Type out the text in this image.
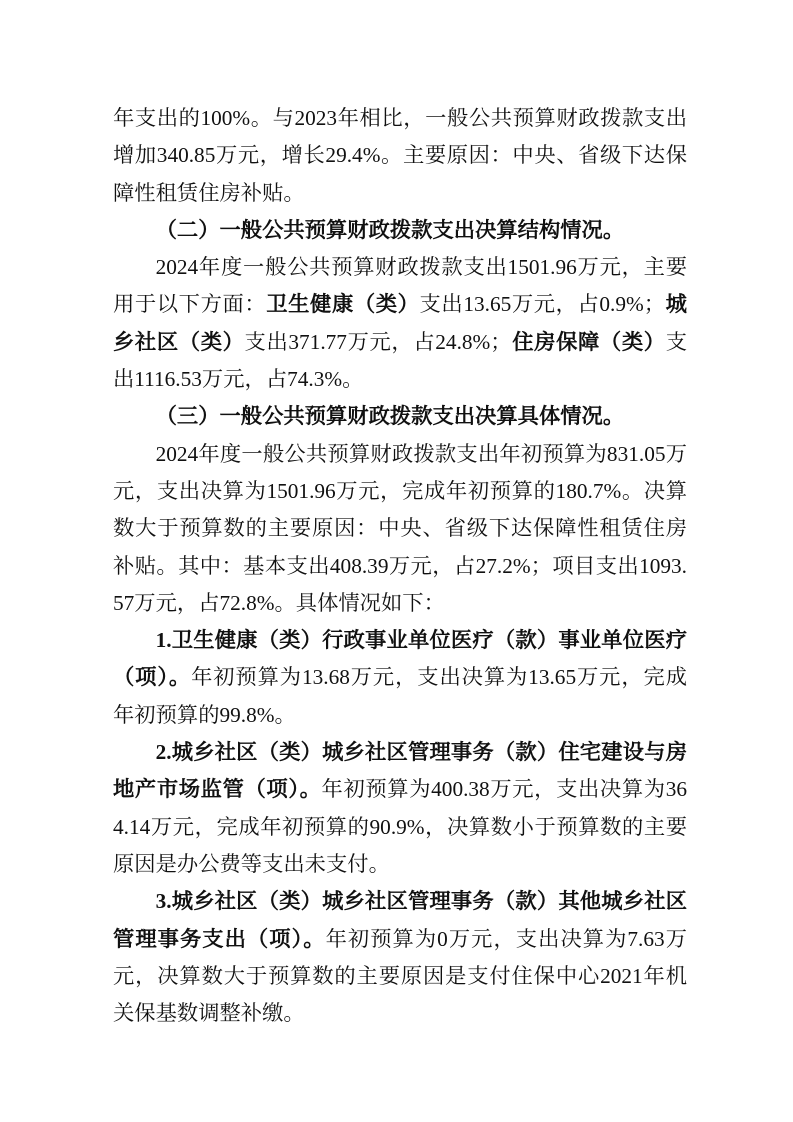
年支出的100%。与2023年相比，一般公共预算财政拨款支出增加340.85万元，增长29.4%。主要原因：中央、省级下达保障性租赁住房补贴。

（二）一般公共预算财政拨款支出决算结构情况。

2024年度一般公共预算财政拨款支出1501.96万元，主要用于以下方面：卫生健康（类）支出13.65万元，占0.9%；城乡社区（类）支出371.77万元，占24.8%；住房保障（类）支出1116.53万元，占74.3%。

（三）一般公共预算财政拨款支出决算具体情况。

2024年度一般公共预算财政拨款支出年初预算为831.05万元，支出决算为1501.96万元，完成年初预算的180.7%。决算数大于预算数的主要原因：中央、省级下达保障性租赁住房补贴。其中：基本支出408.39万元，占27.2%；项目支出1093.57万元，占72.8%。具体情况如下：

1.卫生健康（类）行政事业单位医疗（款）事业单位医疗（项）。年初预算为13.68万元，支出决算为13.65万元，完成年初预算的99.8%。

2.城乡社区（类）城乡社区管理事务（款）住宅建设与房地产市场监管（项）。年初预算为400.38万元，支出决算为364.14万元，完成年初预算的90.9%，决算数小于预算数的主要原因是办公费等支出未支付。

3.城乡社区（类）城乡社区管理事务（款）其他城乡社区管理事务支出（项）。年初预算为0万元，支出决算为7.63万元，决算数大于预算数的主要原因是支付住保中心2021年机关保基数调整补缴。
